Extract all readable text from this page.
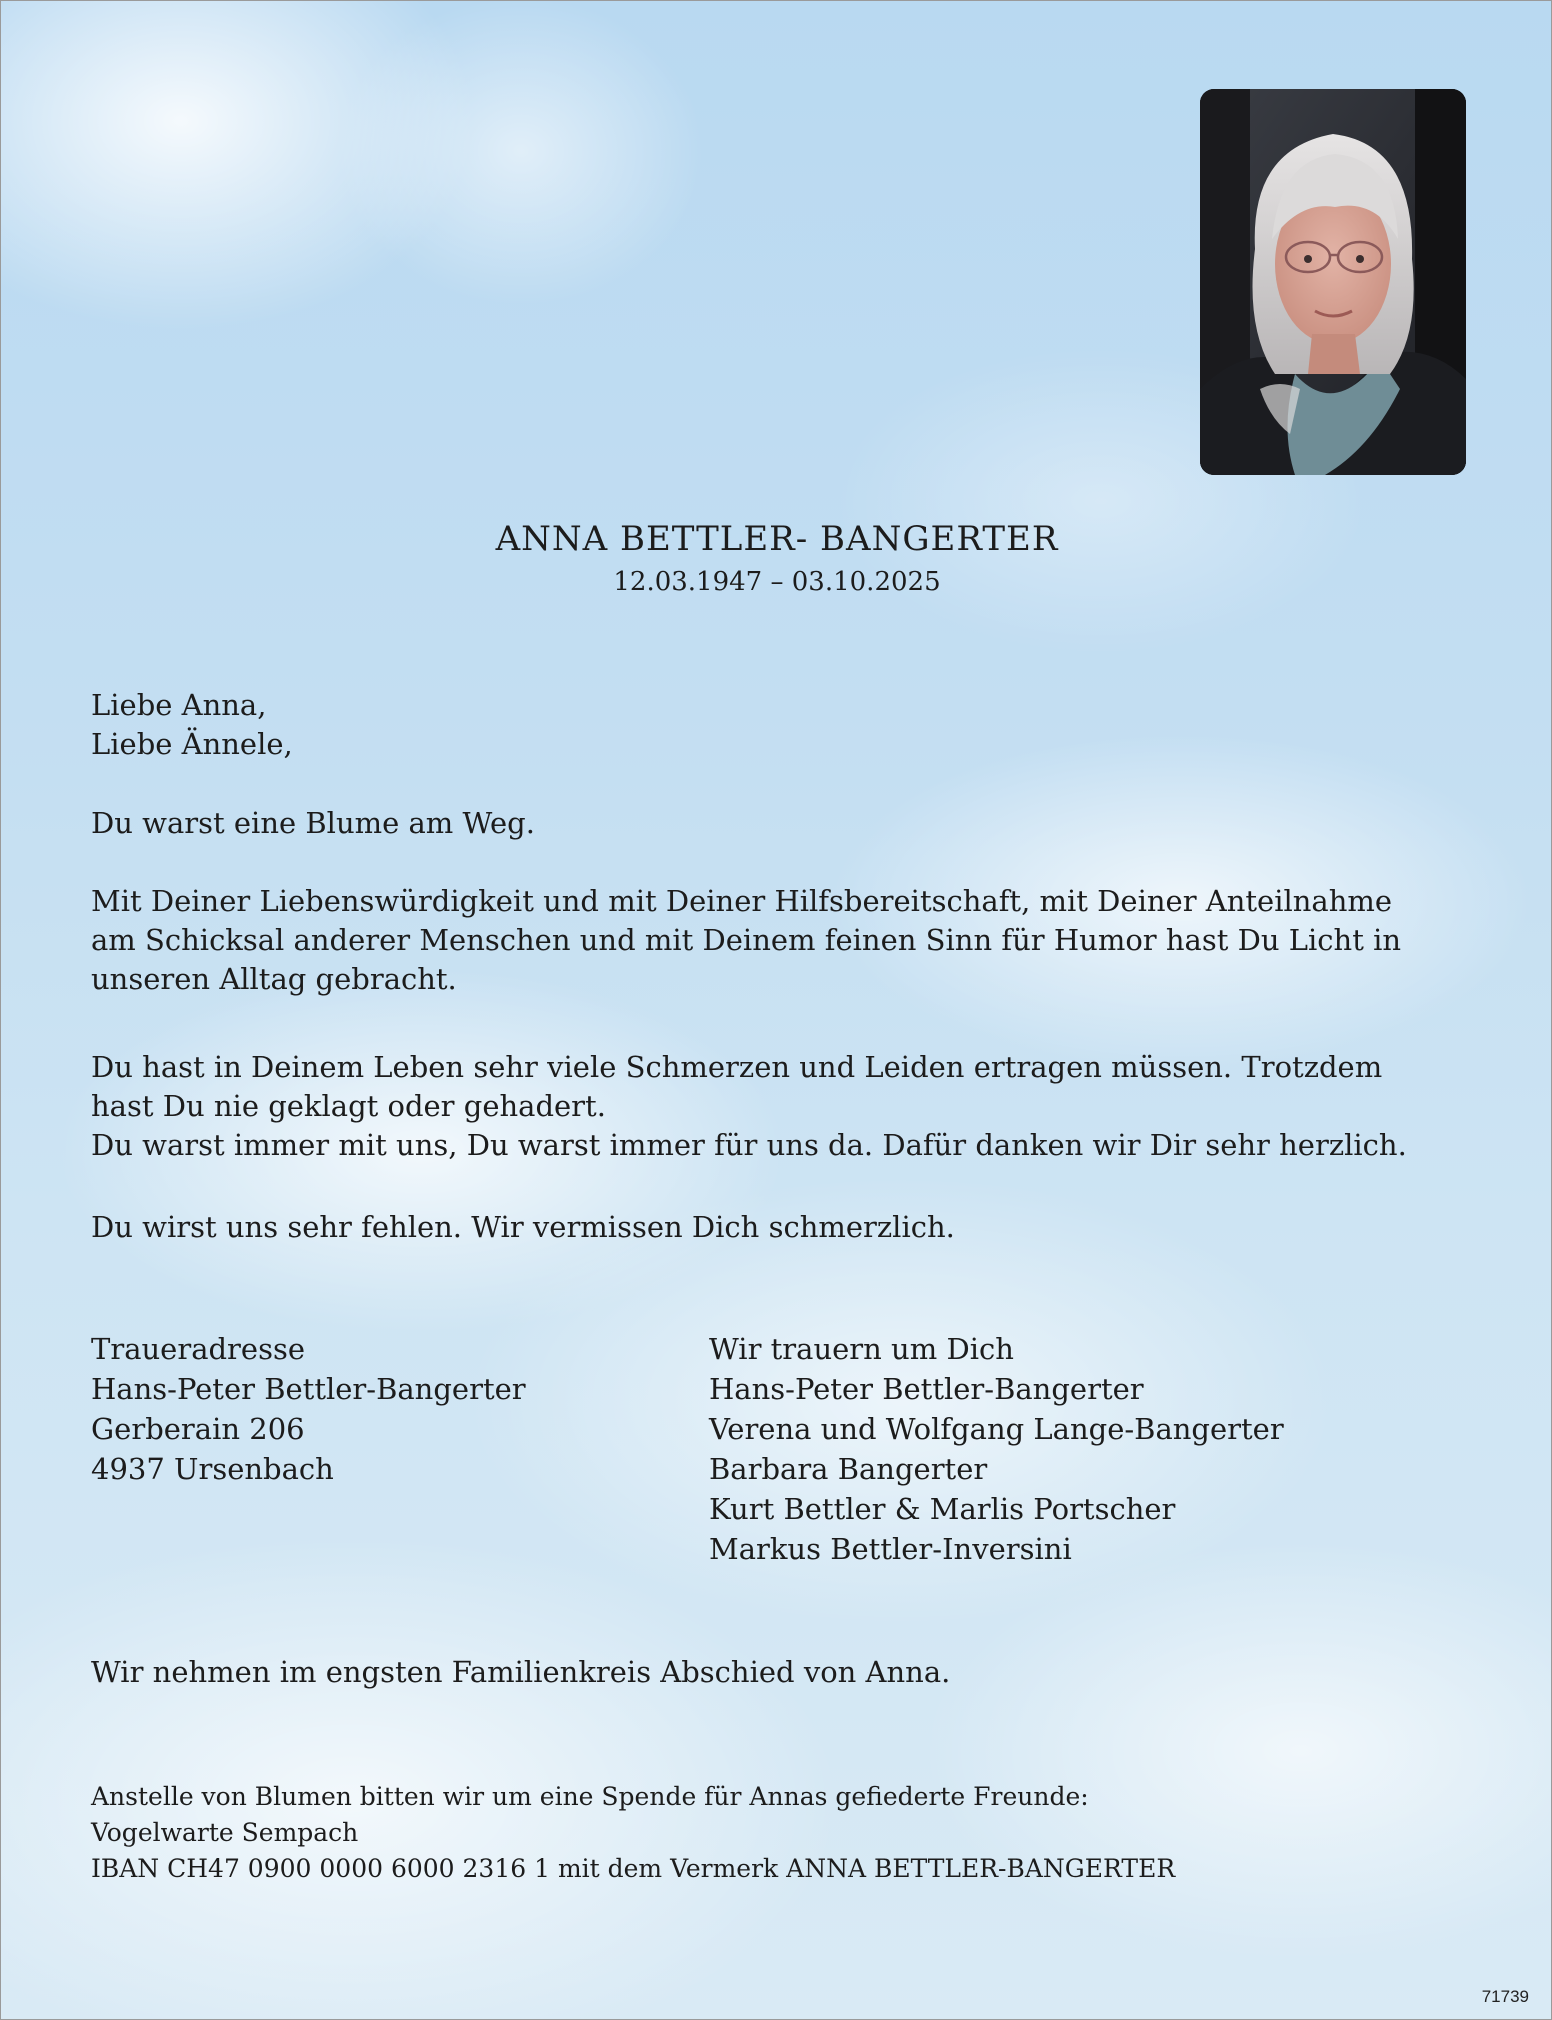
ANNA BETTLER- BANGERTER
12.03.1947 – 03.10.2025

Liebe Anna,

Liebe Ännele,

Du warst eine Blume am Weg.

Mit Deiner Liebenswürdigkeit und mit Deiner Hilfsbereitschaft, mit Deiner Anteilnahme

am Schicksal anderer Menschen und mit Deinem feinen Sinn für Humor hast Du Licht in

unseren Alltag gebracht.

Du hast in Deinem Leben sehr viele Schmerzen und Leiden ertragen müssen. Trotzdem

hast Du nie geklagt oder gehadert.

Du warst immer mit uns, Du warst immer für uns da. Dafür danken wir Dir sehr herzlich.

Du wirst uns sehr fehlen. Wir vermissen Dich schmerzlich.

Traueradresse

Hans-Peter Bettler-Bangerter

Gerberain 206

4937 Ursenbach

Wir trauern um Dich

Hans-Peter Bettler-Bangerter

Verena und Wolfgang Lange-Bangerter

Barbara Bangerter

Kurt Bettler & Marlis Portscher

Markus Bettler-Inversini

Wir nehmen im engsten Familienkreis Abschied von Anna.

Anstelle von Blumen bitten wir um eine Spende für Annas gefiederte Freunde:

Vogelwarte Sempach

IBAN CH47 0900 0000 6000 2316 1 mit dem Vermerk ANNA BETTLER-BANGERTER

71739
